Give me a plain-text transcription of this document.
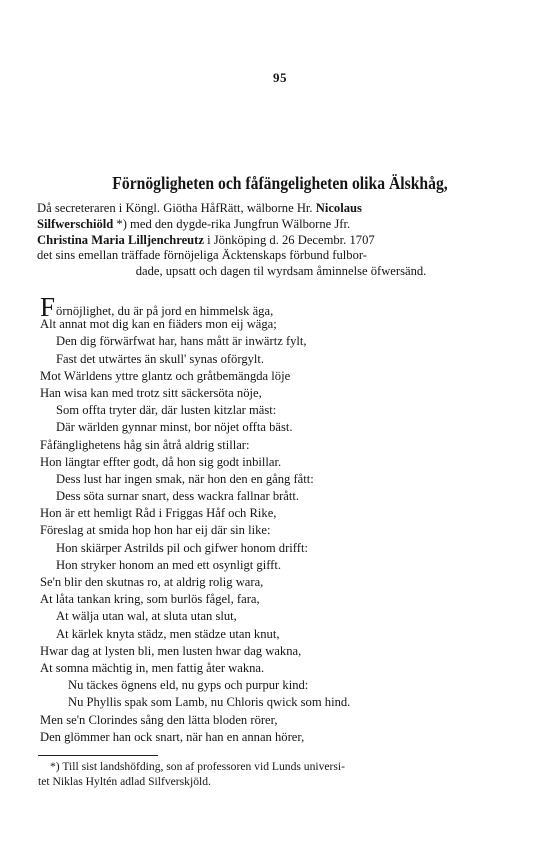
95
Förnögligheten och fåfängeligheten olika Älskhåg,
Då secreteraren i Köngl. Giötha HåfRätt, wälborne Hr. Nicolaus
Silfwerschiöld *) med den dygde-rika Jungfrun Wälborne Jfr.
Christina Maria Lilljenchreutz i Jönköping d. 26 Decembr. 1707
det sins emellan träffade förnöjeliga Äcktenskaps förbund fulbor-
dade, upsatt och dagen til wyrdsam åminnelse öfwersänd.
Förnöjlighet, du är på jord en himmelsk äga,
Alt annat mot dig kan en fiäders mon eij wäga;
Den dig förwärfwat har, hans mått är inwärtz fylt,
Fast det utwärtes än skull' synas oförgylt.
Mot Wärldens yttre glantz och gråtbemängda löje
Han wisa kan med trotz sitt säckersöta nöje,
Som offta tryter där, där lusten kitzlar mäst:
Där wärlden gynnar minst, bor nöjet offta bäst.
Fåfänglighetens håg sin åtrå aldrig stillar:
Hon längtar effter godt, då hon sig godt inbillar.
Dess lust har ingen smak, när hon den en gång fått:
Dess söta surnar snart, dess wackra fallnar brått.
Hon är ett hemligt Råd i Friggas Håf och Rike,
Föreslag at smida hop hon har eij där sin like:
Hon skiärper Astrilds pil och gifwer honom drifft:
Hon stryker honom an med ett osynligt gifft.
Se'n blir den skutnas ro, at aldrig rolig wara,
At låta tankan kring, som burlös fågel, fara,
At wälja utan wal, at sluta utan slut,
At kärlek knyta städz, men städze utan knut,
Hwar dag at lysten bli, men lusten hwar dag wakna,
At somna mächtig in, men fattig åter wakna.
Nu täckes ögnens eld, nu gyps och purpur kind:
Nu Phyllis spak som Lamb, nu Chloris qwick som hind.
Men se'n Clorindes sång den lätta bloden rörer,
Den glömmer han ock snart, när han en annan hörer,
*) Till sist landshöfding, son af professoren vid Lunds universi-
tet Niklas Hyltén adlad Silfverskjöld.
